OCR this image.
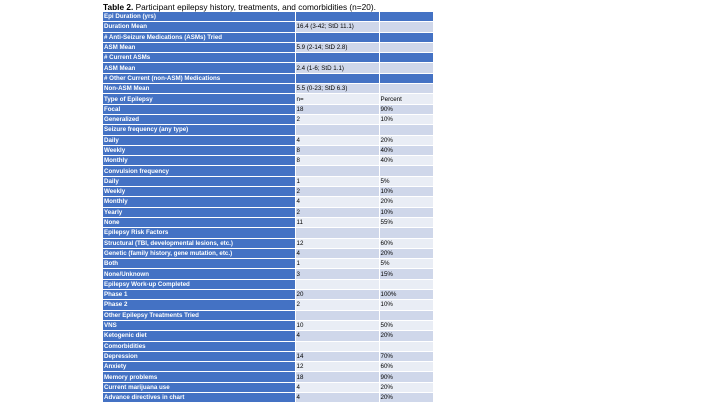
Table 2. Participant epilepsy history, treatments, and comorbidities (n=20).
Epi Duration (yrs)		
Duration Mean	16.4 (3-42; StD 11.1)	
# Anti-Seizure Medications (ASMs) Tried		
ASM Mean	5.9 (2-14; StD 2.8)	
# Current ASMs		
ASM Mean	2.4 (1-6; StD 1.1)	
# Other Current (non-ASM) Medications		
Non-ASM Mean	5.5 (0-23; StD 6.3)	
Type of Epilepsy	n=	Percent
Focal	18	90%
Generalized	2	10%
Seizure frequency (any type)		
Daily	4	20%
Weekly	8	40%
Monthly	8	40%
Convulsion frequency		
Daily	1	5%
Weekly	2	10%
Monthly	4	20%
Yearly	2	10%
None	11	55%
Epilepsy Risk Factors		
Structural (TBI, developmental lesions, etc.)	12	60%
Genetic (family history, gene mutation, etc.)	4	20%
Both	1	5%
None/Unknown	3	15%
Epilepsy Work-up Completed		
Phase 1	20	100%
Phase 2	2	10%
Other Epilepsy Treatments Tried		
VNS	10	50%
Ketogenic diet	4	20%
Comorbidities		
Depression	14	70%
Anxiety	12	60%
Memory problems	18	90%
Current marijuana use	4	20%
Advance directives in chart	4	20%
